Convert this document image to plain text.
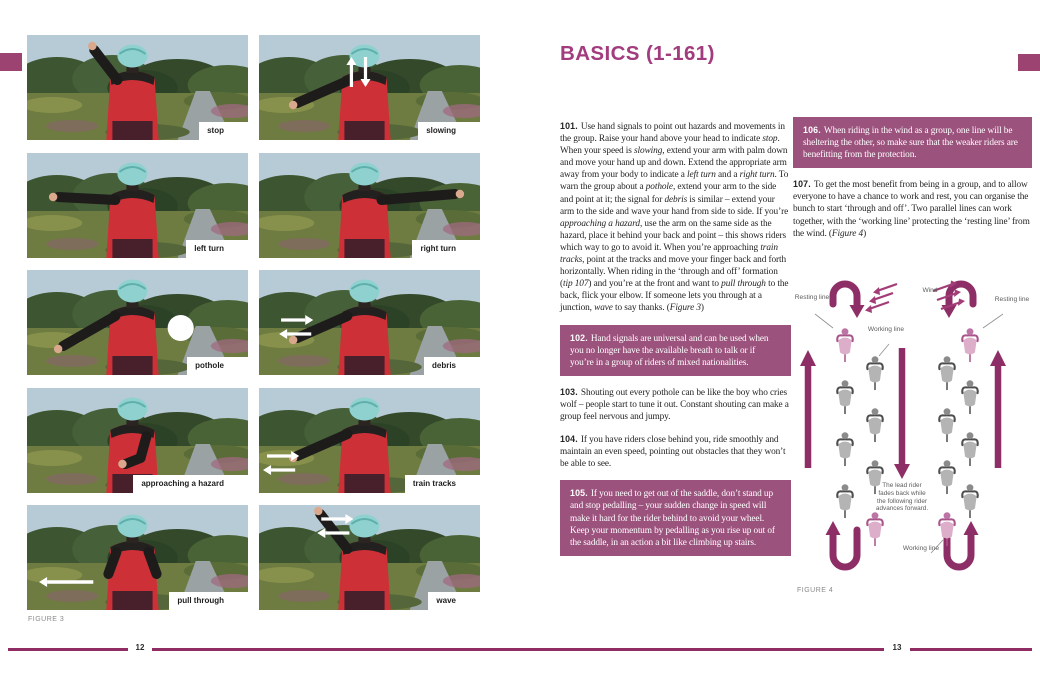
stop	slowing
left turn	right turn
pothole	debris
approaching a hazard	train tracks
pull through	wave
FIGURE 3
BASICS (1-161)

101. Use hand signals to point out hazards and movements in the group. Raise your hand above your head to indicate stop. When your speed is slowing, extend your arm with palm down and move your hand up and down. Extend the appropriate arm away from your body to indicate a left turn and a right turn. To warn the group about a pothole, extend your arm to the side and point at it; the signal for debris is similar – extend your arm to the side and wave your hand from side to side. If you’re approaching a hazard, use the arm on the same side as the hazard, place it behind your back and point – this shows riders which way to go to avoid it. When you’re approaching train tracks, point at the tracks and move your finger back and forth horizontally. When riding in the ‘through and off’ formation (tip 107) and you’re at the front and want to pull through to the back, flick your elbow. If someone lets you through at a junction, wave to say thanks. (Figure 3)

102. Hand signals are universal and can be used when you no longer have the available breath to talk or if you’re in a group of riders of mixed nationalities.

103. Shouting out every pothole can be like the boy who cries wolf – people start to tune it out. Constant shouting can make a group feel nervous and jumpy.

104. If you have riders close behind you, ride smoothly and maintain an even speed, pointing out obstacles that they won’t be able to see.

105. If you need to get out of the saddle, don’t stand up and stop pedalling – your sudden change in speed will make it hard for the rider behind to avoid your wheel. Keep your momentum by pedalling as you rise up out of the saddle, in an action a bit like climbing up stairs.

106. When riding in the wind as a group, one line will be sheltering the other, so make sure that the weaker riders are benefitting from the protection.

107. To get the most benefit from being in a group, and to allow everyone to have a chance to work and rest, you can organise the bunch to start ‘through and off’. Two parallel lines can work together, with the ‘working line’ protecting the ‘resting line’ from the wind. (Figure 4)

Resting line	Resting line
Working line
Working line
Wind
The lead rider fades back while the following rider advances forward.
FIGURE 4
12	13
